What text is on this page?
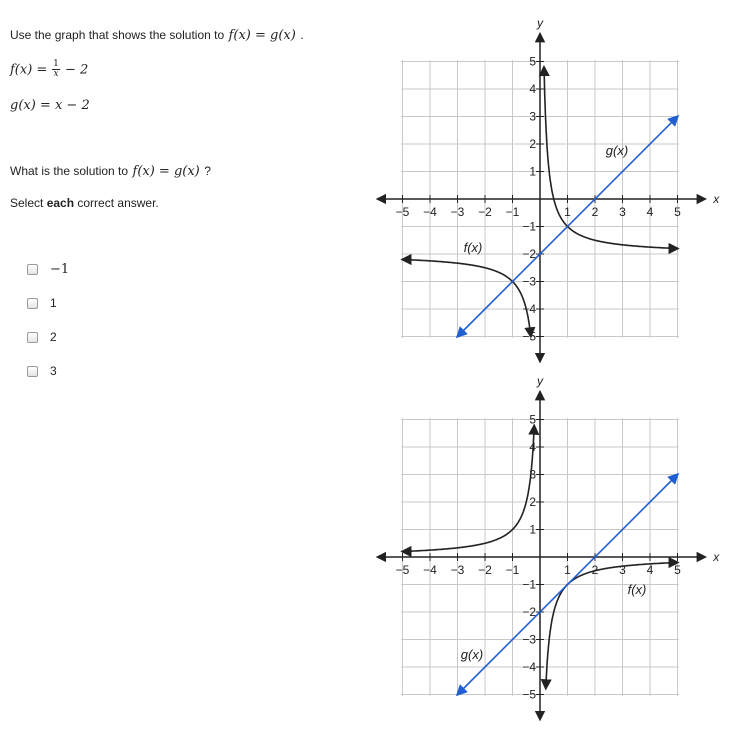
Use the graph that shows the solution to f(x) = g(x) .
$f(x) = \frac{1}{x} - 2$
g(x) = x − 2
What is the solution to f(x) = g(x) ?
Select each correct answer.
−1
1
2
3
−5 −4 −3 −2 −1	1 2 3 4 5
5
4
3
2
1
−1
−2
−3
−4
−5
x
y
g(x)
f(x)
−5 −4 −3 −2 −1	1 2 3 4 5
5
4
3
2
1
−1
−2
−3
−4
−5
x
y
f(x)
g(x)
